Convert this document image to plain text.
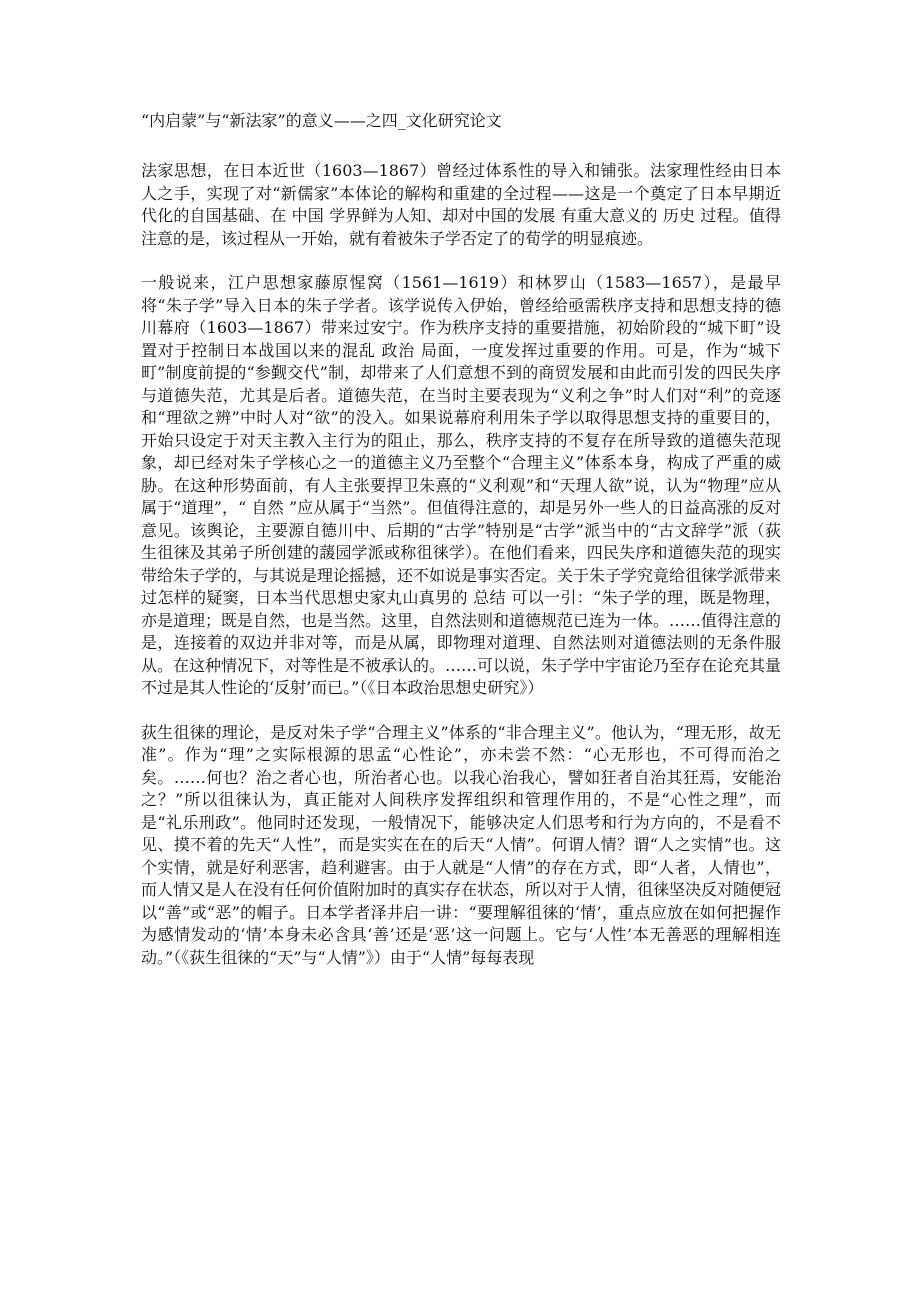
“内启蒙”与“新法家”的意义——之四_文化研究论文

法家思想，在日本近世（1603—1867）曾经过体系性的导入和铺张。法家理性经由日本人之手，实现了对“新儒家”本体论的解构和重建的全过程——这是一个奠定了日本早期近代化的自国基础、在 中国 学界鲜为人知、却对中国的发展 有重大意义的 历史 过程。值得注意的是，该过程从一开始，就有着被朱子学否定了的荀学的明显痕迹。

一般说来，江户思想家藤原惺窝（1561—1619）和林罗山（1583—1657），是最早将“朱子学”导入日本的朱子学者。该学说传入伊始，曾经给亟需秩序支持和思想支持的德川幕府（1603—1867）带来过安宁。作为秩序支持的重要措施，初始阶段的“城下町”设置对于控制日本战国以来的混乱 政治 局面，一度发挥过重要的作用。可是，作为“城下町”制度前提的“参觐交代”制，却带来了人们意想不到的商贸发展和由此而引发的四民失序与道德失范，尤其是后者。道德失范，在当时主要表现为“义利之争”时人们对“利”的竞逐和“理欲之辨”中时人对“欲”的没入。如果说幕府利用朱子学以取得思想支持的重要目的，开始只设定于对天主教入主行为的阻止，那么，秩序支持的不复存在所导致的道德失范现象，却已经对朱子学核心之一的道德主义乃至整个“合理主义”体系本身，构成了严重的威胁。在这种形势面前，有人主张要捍卫朱熹的“义利观”和“天理人欲”说，认为“物理”应从属于“道理”，“ 自然 ”应从属于“当然”。但值得注意的，却是另外一些人的日益高涨的反对意见。该舆论，主要源自德川中、后期的“古学”特别是“古学”派当中的“古文辞学”派（荻生徂徕及其弟子所创建的蘐园学派或称徂徕学）。在他们看来，四民失序和道德失范的现实带给朱子学的，与其说是理论摇撼，还不如说是事实否定。关于朱子学究竟给徂徕学派带来过怎样的疑窦，日本当代思想史家丸山真男的 总结 可以一引：“朱子学的理，既是物理，亦是道理；既是自然，也是当然。这里，自然法则和道德规范已连为一体。……值得注意的是，连接着的双边并非对等，而是从属，即物理对道理、自然法则对道德法则的无条件服从。在这种情况下，对等性是不被承认的。……可以说，朱子学中宇宙论乃至存在论充其量不过是其人性论的‘反射’而已。”（《日本政治思想史研究》）

荻生徂徕的理论，是反对朱子学“合理主义”体系的“非合理主义”。他认为，“理无形，故无准”。作为“理”之实际根源的思孟“心性论”，亦未尝不然：“心无形也，不可得而治之矣。……何也？治之者心也，所治者心也。以我心治我心，譬如狂者自治其狂焉，安能治之？”所以徂徕认为，真正能对人间秩序发挥组织和管理作用的，不是“心性之理”，而是“礼乐刑政”。他同时还发现，一般情况下，能够决定人们思考和行为方向的，不是看不见、摸不着的先天“人性”，而是实实在在的后天“人情”。何谓人情？谓“人之实情”也。这个实情，就是好利恶害，趋利避害。由于人就是“人情”的存在方式，即“人者，人情也”，而人情又是人在没有任何价值附加时的真实存在状态，所以对于人情，徂徕坚决反对随便冠以“善”或“恶”的帽子。日本学者泽井启一讲：“要理解徂徕的‘情’，重点应放在如何把握作为感情发动的‘情’本身未必含具‘善’还是‘恶’这一问题上。它与‘人性’本无善恶的理解相连动。”（《荻生徂徕的“天”与“人情”》）由于“人情”每每表现
